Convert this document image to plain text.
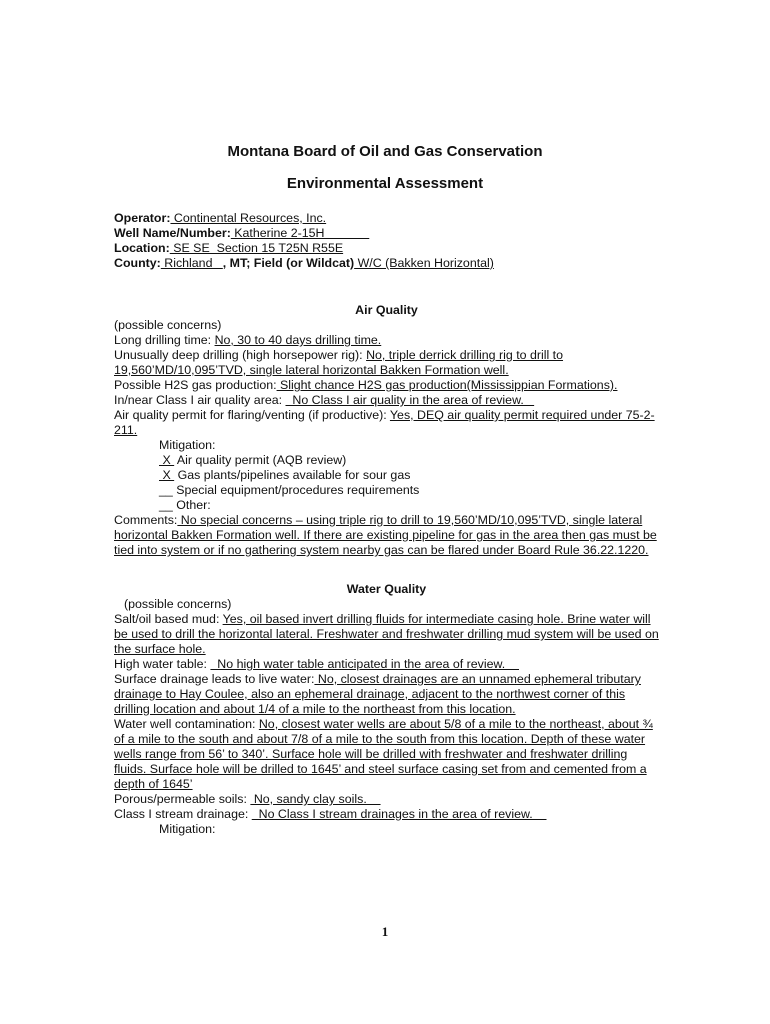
Montana Board of Oil and Gas Conservation
Environmental Assessment

Operator: Continental Resources, Inc.

Well Name/Number: Katherine 2-15H

Location: SE SE  Section 15 T25N R55E

County: Richland   , MT; Field (or Wildcat) W/C (Bakken Horizontal)

Air Quality

(possible concerns)

Long drilling time: No, 30 to 40 days drilling time.

Unusually deep drilling (high horsepower rig): No, triple derrick drilling rig to drill to 19,560’MD/10,095’TVD, single lateral horizontal Bakken Formation well.

Possible H2S gas production: Slight chance H2S gas production(Mississippian Formations).

In/near Class I air quality area:   No Class I air quality in the area of review.

Air quality permit for flaring/venting (if productive): Yes, DEQ air quality permit required under 75-2-211.

Mitigation:

X  Air quality permit (AQB review)

X  Gas plants/pipelines available for sour gas

__ Special equipment/procedures requirements

__ Other:

Comments: No special concerns – using triple rig to drill to 19,560’MD/10,095’TVD, single lateral horizontal Bakken Formation well. If there are existing pipeline for gas in the area then gas must be tied into system or if no gathering system nearby gas can be flared under Board Rule 36.22.1220.

Water Quality

(possible concerns)

Salt/oil based mud: Yes, oil based invert drilling fluids for intermediate casing hole. Brine water will be used to drill the horizontal lateral. Freshwater and freshwater drilling mud system will be used on the surface hole.

High water table:   No high water table anticipated in the area of review.

Surface drainage leads to live water: No, closest drainages are an unnamed ephemeral tributary drainage to Hay Coulee, also an ephemeral drainage, adjacent to the northwest corner of this drilling location and about 1/4 of a mile to the northeast from this location.

Water well contamination: No, closest water wells are about 5/8 of a mile to the northeast, about ¾ of a mile to the south and about 7/8 of a mile to the south from this location. Depth of these water wells range from 56’ to 340’. Surface hole will be drilled with freshwater and freshwater drilling fluids. Surface hole will be drilled to 1645’ and steel surface casing set from and cemented from a depth of 1645’

Porous/permeable soils:  No, sandy clay soils.

Class I stream drainage:   No Class I stream drainages in the area of review.

Mitigation:

1
